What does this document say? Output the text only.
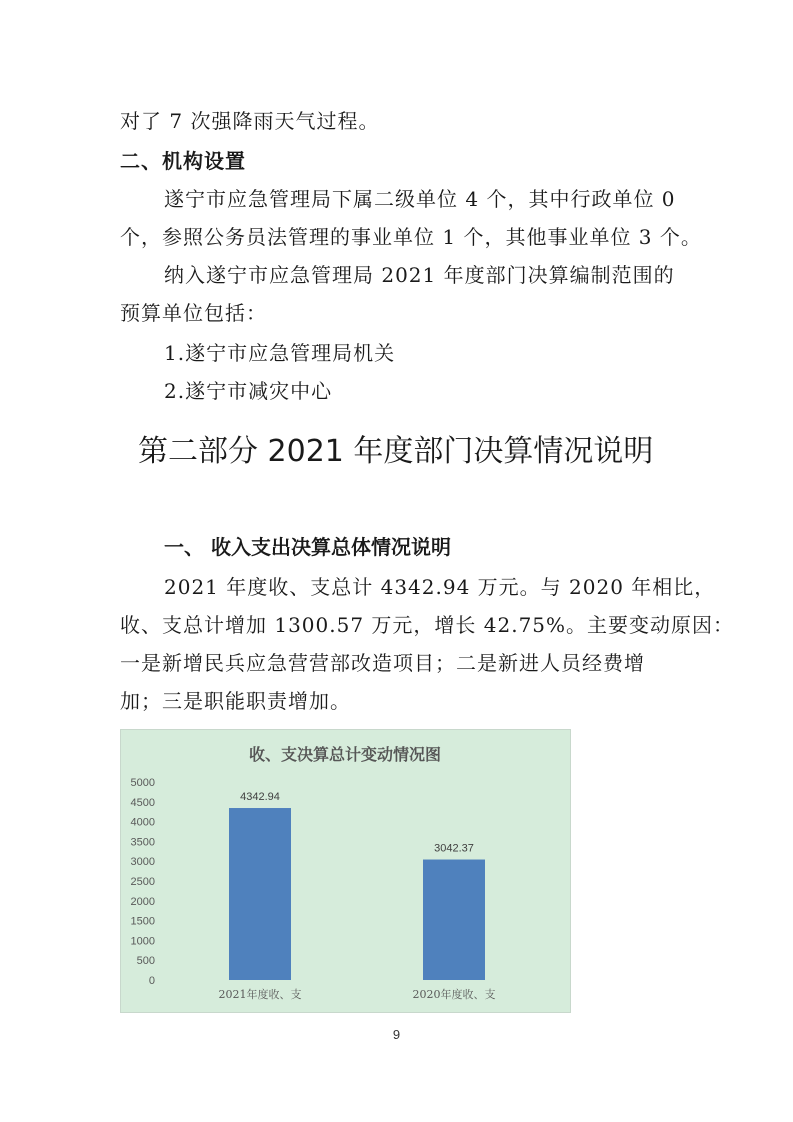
对了 7 次强降雨天气过程。
二、机构设置
遂宁市应急管理局下属二级单位 4 个，其中行政单位 0
个，参照公务员法管理的事业单位 1 个，其他事业单位 3 个。
纳入遂宁市应急管理局 2021 年度部门决算编制范围的
预算单位包括：
1.遂宁市应急管理局机关
2.遂宁市减灾中心
第二部分 2021 年度部门决算情况说明
一、 收入支出决算总体情况说明
2021 年度收、支总计 4342.94 万元。与 2020 年相比，
收、支总计增加 1300.57 万元，增长 42.75%。主要变动原因：
一是新增民兵应急营营部改造项目；二是新进人员经费增
加；三是职能职责增加。
收、支决算总计变动情况图
0
500
1000
1500
2000
2500
3000
3500
4000
4500
5000
4342.94
2021年度收、支
3042.37
2020年度收、支
9
